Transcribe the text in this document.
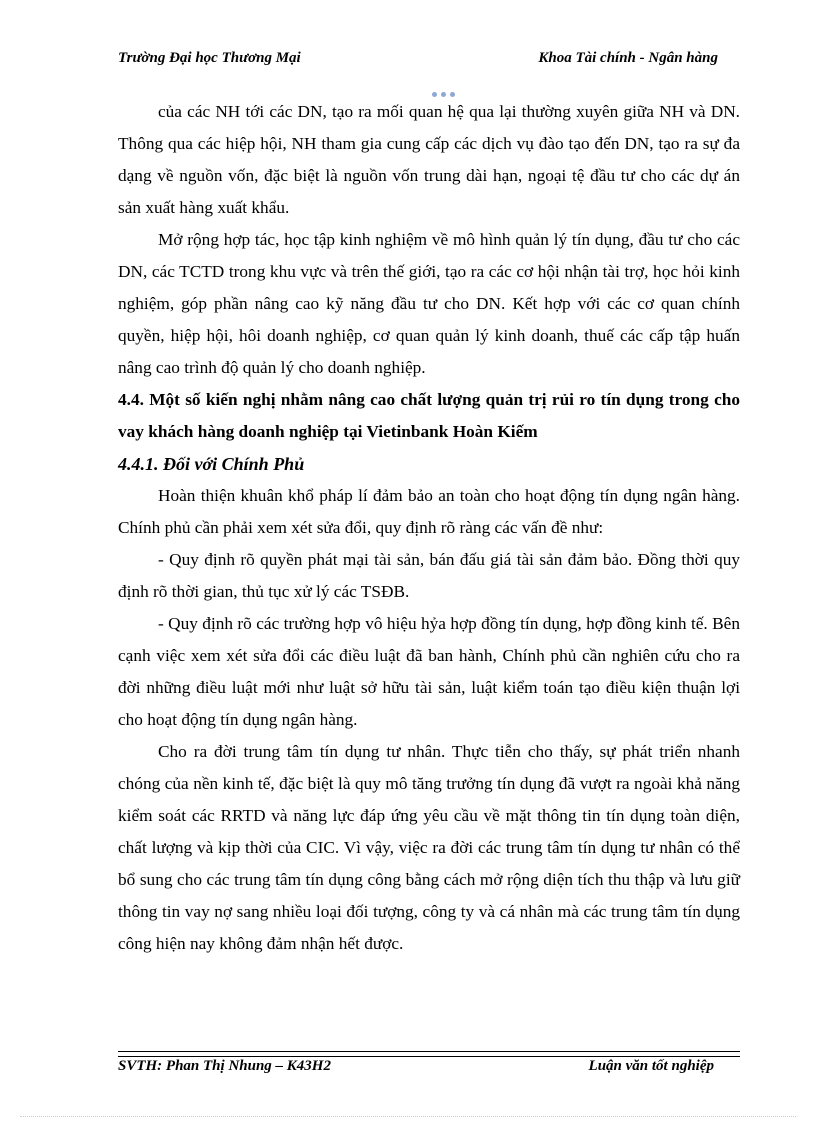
Trường Đại học Thương Mại	Khoa Tài chính - Ngân hàng

của các NH tới các DN, tạo ra mối quan hệ qua lại thường xuyên giữa NH và DN. Thông qua các hiệp hội, NH tham gia cung cấp các dịch vụ đào tạo đến DN, tạo ra sự đa dạng về nguồn vốn, đặc biệt là nguồn vốn trung dài hạn, ngoại tệ đầu tư cho các dự án sản xuất hàng xuất khẩu.

Mở rộng hợp tác, học tập kinh nghiệm về mô hình quản lý tín dụng, đầu tư cho các DN, các TCTD trong khu vực và trên thế giới, tạo ra các cơ hội nhận tài trợ, học hỏi kinh nghiệm, góp phần nâng cao kỹ năng đầu tư cho DN. Kết hợp với các cơ quan chính quyền, hiệp hội, hôi doanh nghiệp, cơ quan quản lý kinh doanh, thuế các cấp tập huấn nâng cao trình độ quản lý cho doanh nghiệp.

4.4. Một số kiến nghị nhằm nâng cao chất lượng quản trị rủi ro tín dụng trong cho vay khách hàng doanh nghiệp tại Vietinbank Hoàn Kiếm

4.4.1. Đối với Chính Phủ

Hoàn thiện khuân khổ pháp lí đảm bảo an toàn cho hoạt động tín dụng ngân hàng. Chính phủ cần phải xem xét sửa đổi, quy định rõ ràng các vấn đề như:

- Quy định rõ quyền phát mại tài sản, bán đấu giá tài sản đảm bảo. Đồng thời quy định rõ thời gian, thủ tục xử lý các TSĐB.

- Quy định rõ các trường hợp vô hiệu hỷa hợp đồng tín dụng, hợp đồng kinh tế. Bên cạnh việc xem xét sửa đổi các điều luật đã ban hành, Chính phủ cần nghiên cứu cho ra đời những điều luật mới như luật sở hữu tài sản, luật kiểm toán tạo điều kiện thuận lợi cho hoạt động tín dụng ngân hàng.

Cho ra đời trung tâm tín dụng tư nhân. Thực tiễn cho thấy, sự phát triển nhanh chóng của nền kinh tế, đặc biệt là quy mô tăng trưởng tín dụng đã vượt ra ngoài khả năng kiểm soát các RRTD và năng lực đáp ứng yêu cầu về mặt thông tin tín dụng toàn diện, chất lượng và kịp thời của CIC. Vì vậy, việc ra đời các trung tâm tín dụng tư nhân có thể bổ sung cho các trung tâm tín dụng công bằng cách mở rộng diện tích thu thập và lưu giữ thông tin vay nợ sang nhiều loại đối tượng, công ty và cá nhân mà các trung tâm tín dụng công hiện nay không đảm nhận hết được.

SVTH: Phan Thị Nhung – K43H2	Luận văn tốt nghiệp
